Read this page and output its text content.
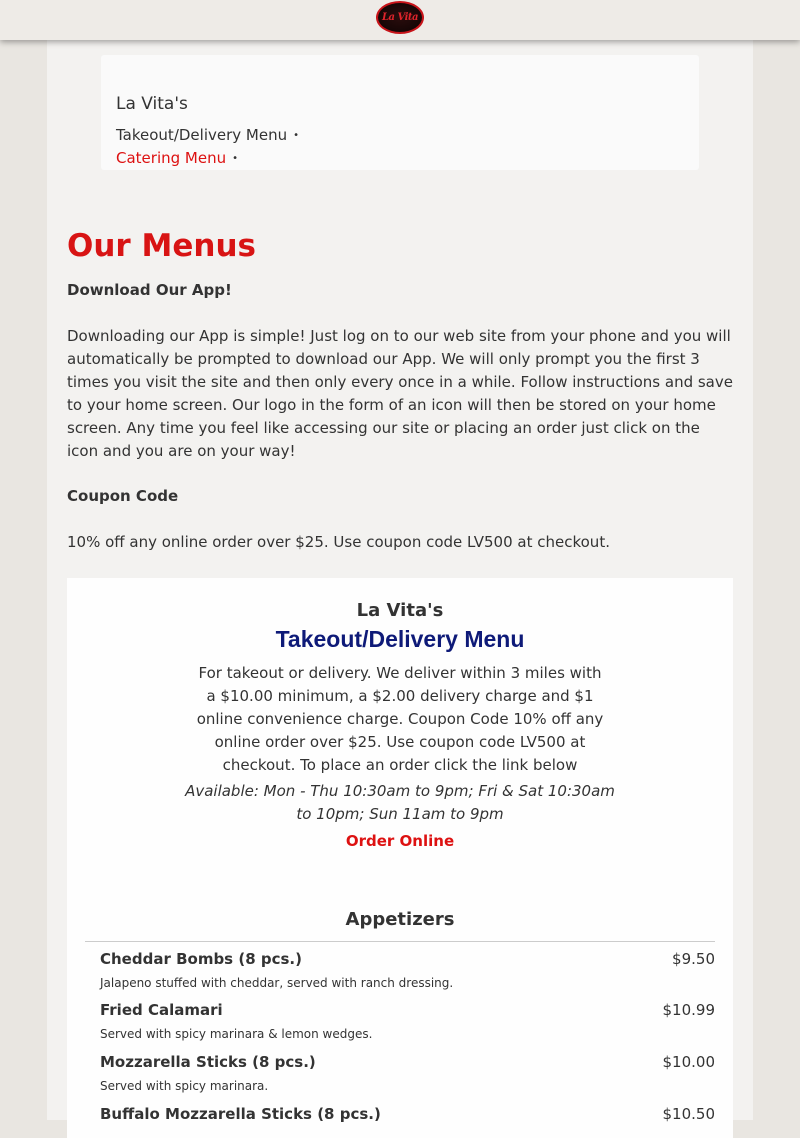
La Vita
La Vita's
Takeout/Delivery Menu •
Catering Menu •
Our Menus
Download Our App!
Downloading our App is simple! Just log on to our web site from your phone and you will automatically be prompted to download our App. We will only prompt you the first 3 times you visit the site and then only every once in a while. Follow instructions and save to your home screen. Our logo in the form of an icon will then be stored on your home screen. Any time you feel like accessing our site or placing an order just click on the icon and you are on your way!
Coupon Code
10% off any online order over $25. Use coupon code LV500 at checkout.
La Vita's
Takeout/Delivery Menu
For takeout or delivery. We deliver within 3 miles with a $10.00 minimum, a $2.00 delivery charge and $1 online convenience charge. Coupon Code 10% off any online order over $25. Use coupon code LV500 at checkout. To place an order click the link below
Available: Mon - Thu 10:30am to 9pm; Fri & Sat 10:30am to 10pm; Sun 11am to 9pm
Order Online
Appetizers
Cheddar Bombs (8 pcs.)	$9.50
Jalapeno stuffed with cheddar, served with ranch dressing.
Fried Calamari	$10.99
Served with spicy marinara & lemon wedges.
Mozzarella Sticks (8 pcs.)	$10.00
Served with spicy marinara.
Buffalo Mozzarella Sticks (8 pcs.)	$10.50
